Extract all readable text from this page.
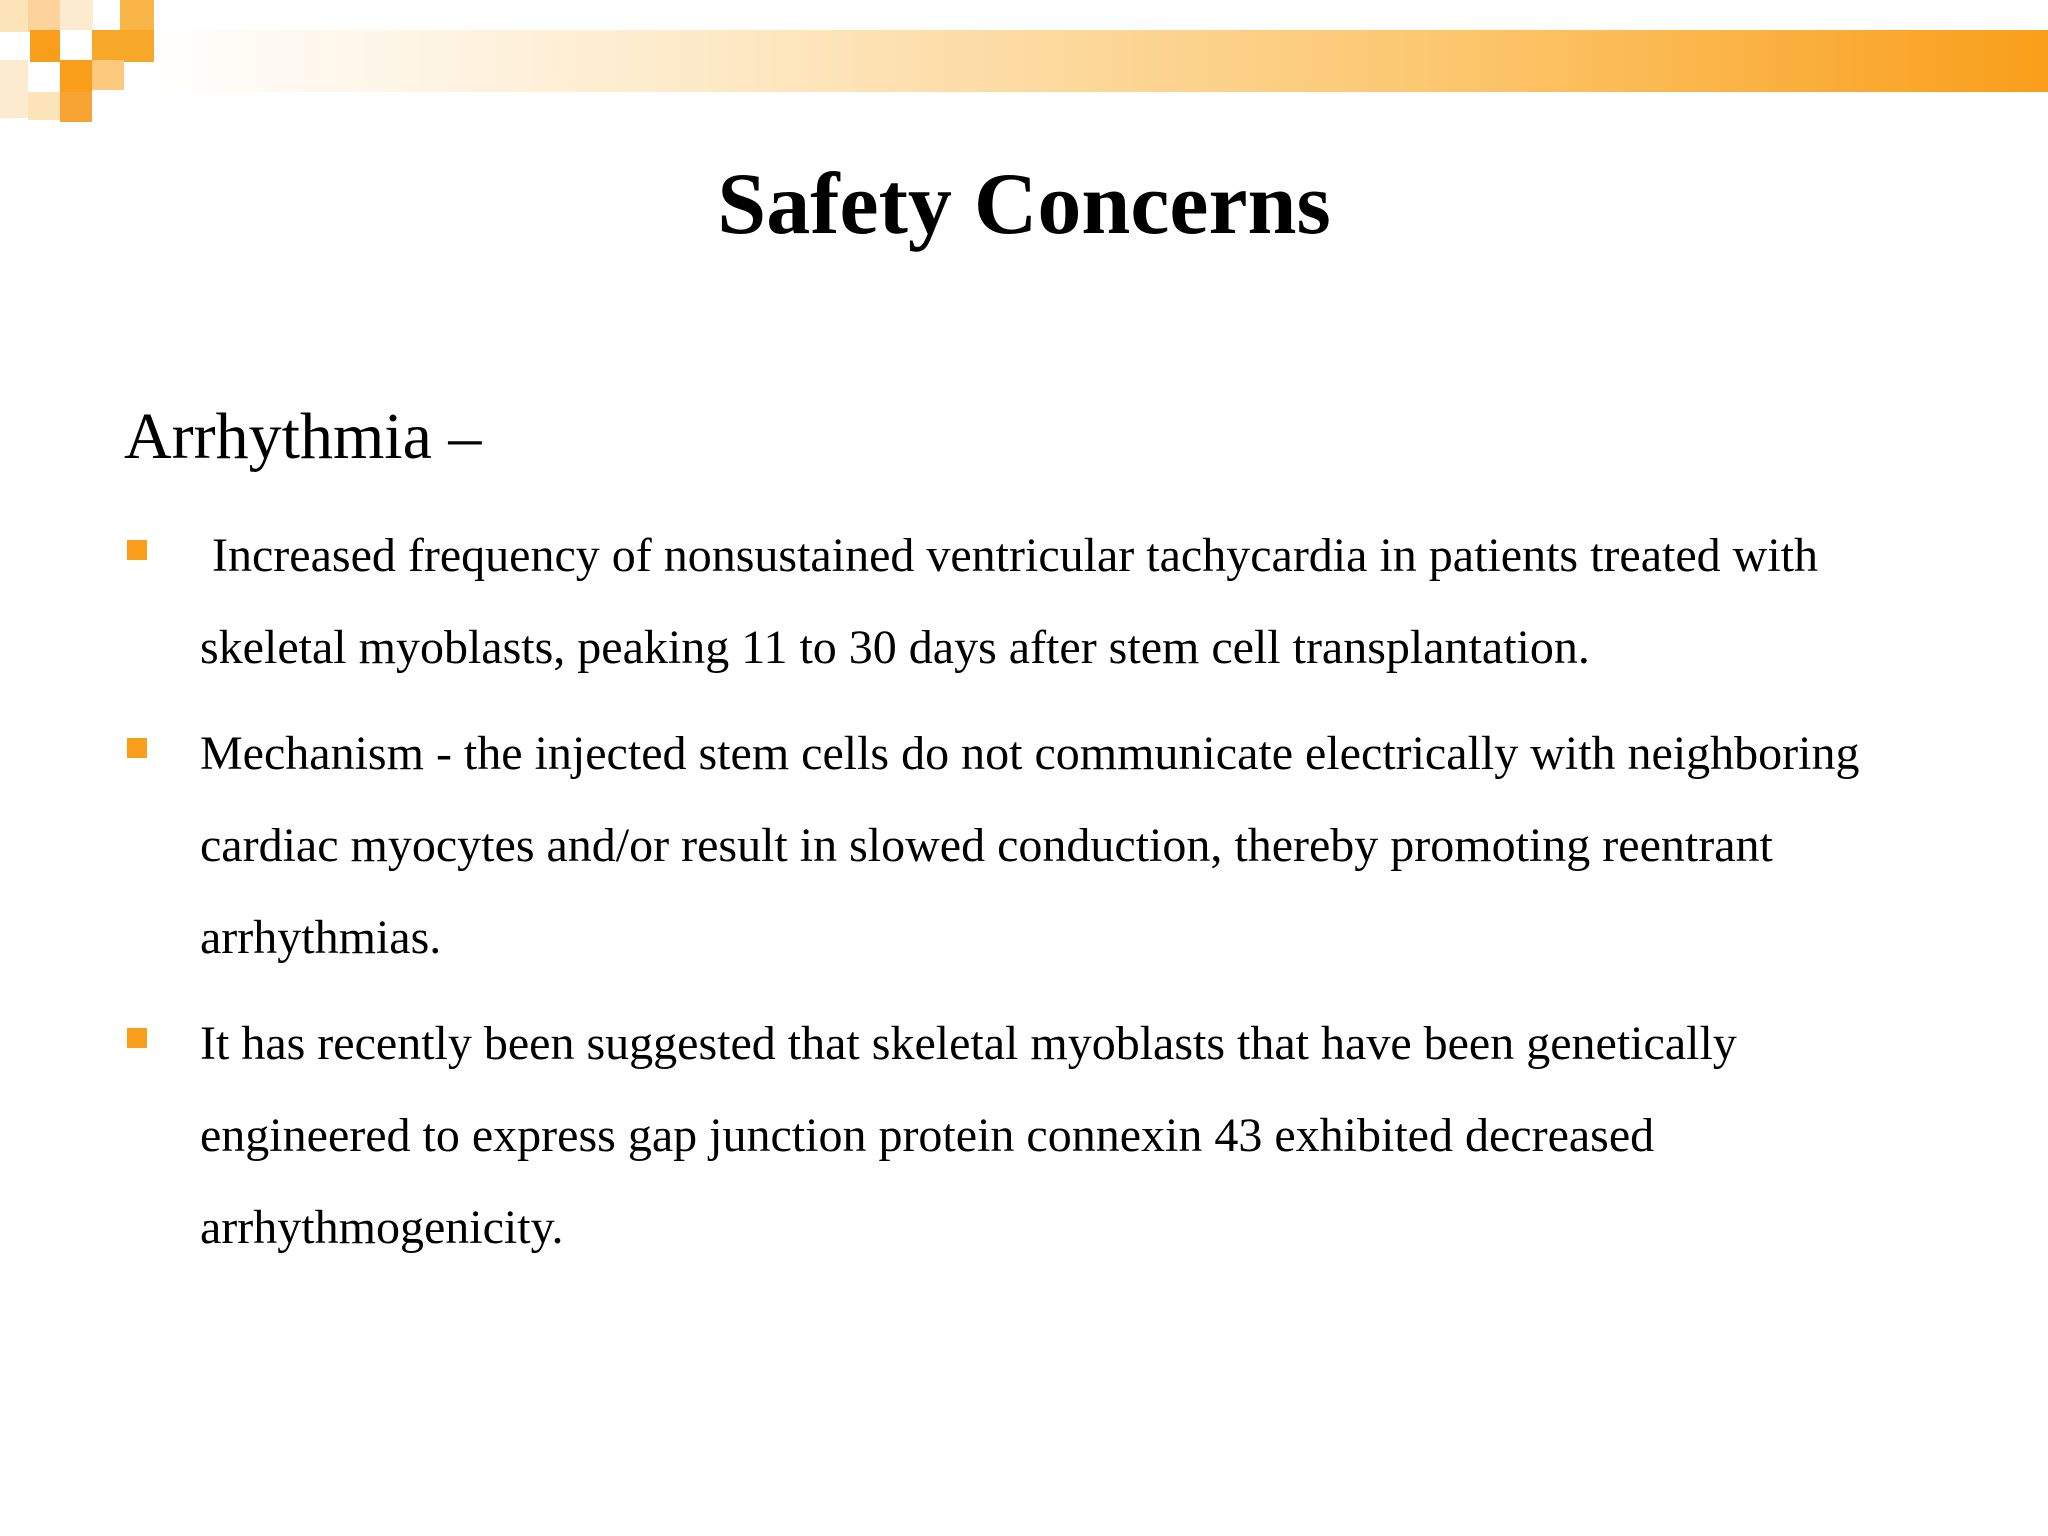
Safety Concerns

Arrhythmia –

Increased frequency of nonsustained ventricular tachycardia in patients treated with skeletal myoblasts, peaking 11 to 30 days after stem cell transplantation.
Mechanism - the injected stem cells do not communicate electrically with neighboring cardiac myocytes and/or result in slowed conduction, thereby promoting reentrant arrhythmias.
It has recently been suggested that skeletal myoblasts that have been genetically engineered to express gap junction protein connexin 43 exhibited decreased arrhythmogenicity.
